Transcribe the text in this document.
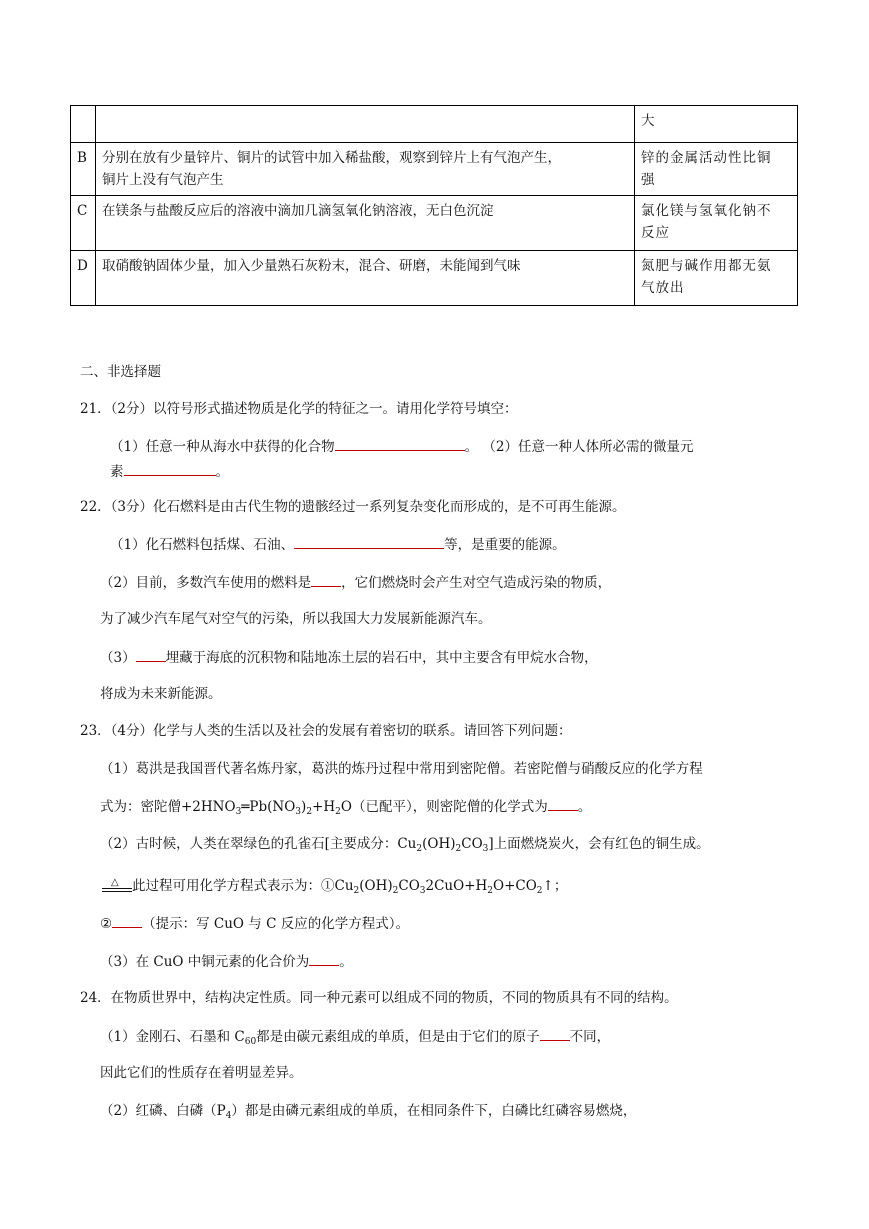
		大
B	分别在放有少量锌片、铜片的试管中加入稀盐酸，观察到锌片上有气泡产生，
铜片上没有气泡产生	锌的金属活动性比铜
强
C	在镁条与盐酸反应后的溶液中滴加几滴氢氧化钠溶液，无白色沉淀	氯化镁与氢氧化钠不
反应
D	取硝酸钠固体少量，加入少量熟石灰粉末，混合、研磨，未能闻到气味	氮肥与碱作用都无氨
气放出
二、非选择题
21．（2分）以符号形式描述物质是化学的特征之一。请用化学符号填空：
（1）任意一种从海水中获得的化合物	。 （2）任意一种人体所必需的微量元
素	。
22．（3分）化石燃料是由古代生物的遗骸经过一系列复杂变化而形成的，是不可再生能源。
（1）化石燃料包括煤、石油、	等，是重要的能源。
（2）目前，多数汽车使用的燃料是 ，它们燃烧时会产生对空气造成污染的物质，
为了减少汽车尾气对空气的污染，所以我国大力发展新能源汽车。
（3） 埋藏于海底的沉积物和陆地冻土层的岩石中，其中主要含有甲烷水合物，
将成为未来新能源。
23．（4分）化学与人类的生活以及社会的发展有着密切的联系。请回答下列问题：
（1）葛洪是我国晋代著名炼丹家，葛洪的炼丹过程中常用到密陀僧。若密陀僧与硝酸反应的化学方程
式为：密陀僧$+2HNO_3═Pb(NO_3)_2+H_2O$（已配平），则密陀僧的化学式为 。
（2）古时候，人类在翠绿色的孔雀石[主要成分：$Cu_2(OH)_2CO_3$]上面燃烧炭火，会有红色的铜生成。
△ 此过程可用化学方程式表示为：$①Cu_2(OH)_2CO_32CuO+H_2O+CO_2↑$；
② （提示：写 CuO 与 C 反应的化学方程式）。
（3）在 CuO 中铜元素的化合价为 。
24．在物质世界中，结构决定性质。同一种元素可以组成不同的物质，不同的物质具有不同的结构。
（1）金刚石、石墨和 $C_{60}$都是由碳元素组成的单质，但是由于它们的原子 不同，
因此它们的性质存在着明显差异。
（2）红磷、白磷$(P_4)$都是由磷元素组成的单质，在相同条件下，白磷比红磷容易燃烧，
